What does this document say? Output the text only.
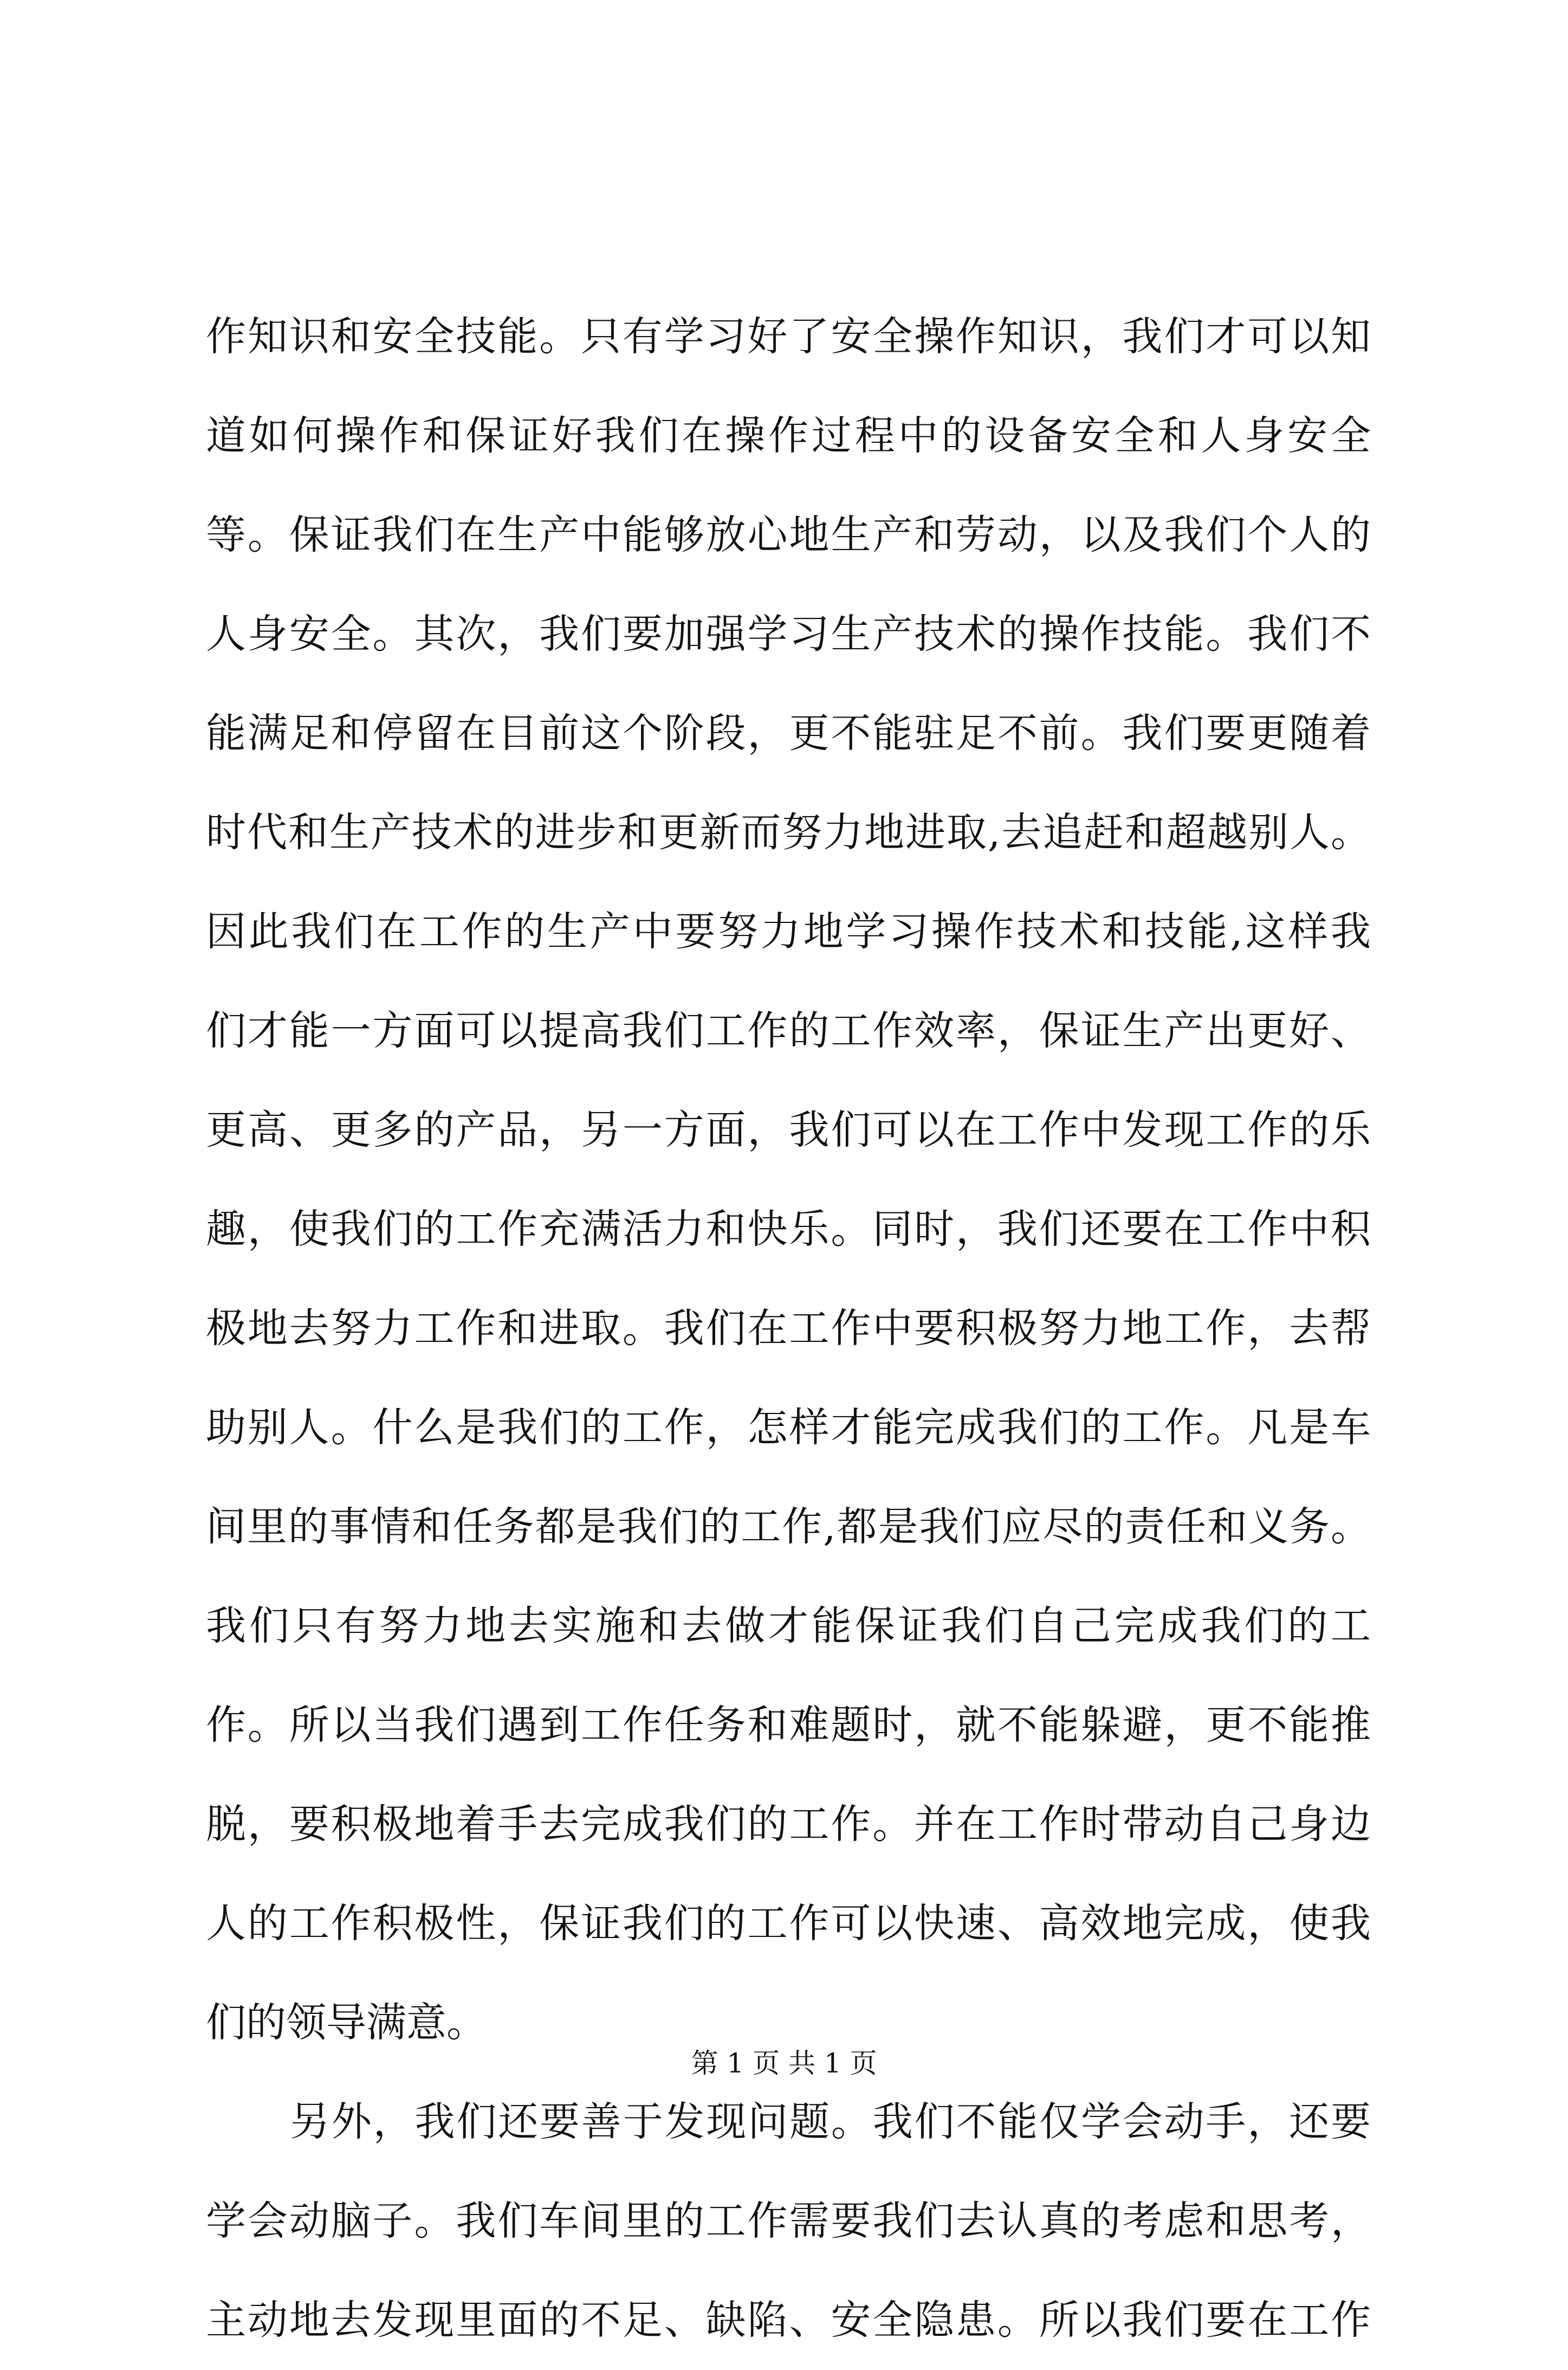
作知识和安全技能。只有学习好了安全操作知识，我们才可以知
道如何操作和保证好我们在操作过程中的设备安全和人身安全
等。保证我们在生产中能够放心地生产和劳动，以及我们个人的
人身安全。其次，我们要加强学习生产技术的操作技能。我们不
能满足和停留在目前这个阶段，更不能驻足不前。我们要更随着
时代和生产技术的进步和更新而努力地进取,去追赶和超越别人。
因此我们在工作的生产中要努力地学习操作技术和技能,这样我
们才能一方面可以提高我们工作的工作效率，保证生产出更好、
更高、更多的产品，另一方面，我们可以在工作中发现工作的乐
趣，使我们的工作充满活力和快乐。同时，我们还要在工作中积
极地去努力工作和进取。我们在工作中要积极努力地工作，去帮
助别人。什么是我们的工作，怎样才能完成我们的工作。凡是车
间里的事情和任务都是我们的工作,都是我们应尽的责任和义务。
我们只有努力地去实施和去做才能保证我们自己完成我们的工
作。所以当我们遇到工作任务和难题时，就不能躲避，更不能推
脱，要积极地着手去完成我们的工作。并在工作时带动自己身边
人的工作积极性，保证我们的工作可以快速、高效地完成，使我
们的领导满意。
另外，我们还要善于发现问题。我们不能仅学会动手，还要
学会动脑子。我们车间里的工作需要我们去认真的考虑和思考，
主动地去发现里面的不足、缺陷、安全隐患。所以我们要在工作
第 1 页 共 1 页
